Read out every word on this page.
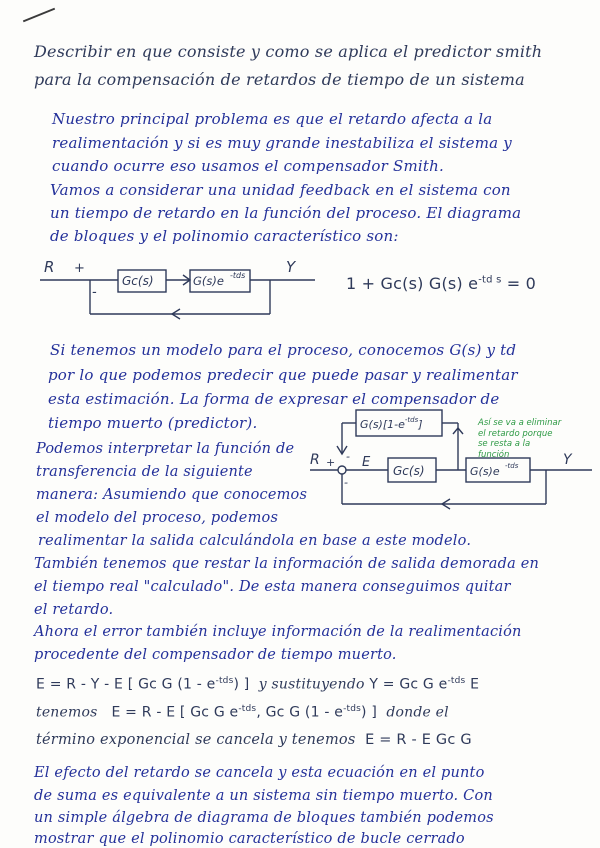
Describir en que consiste y como se aplica el predictor smith
para la compensación de retardos de tiempo de un sistema
Nuestro principal problema es que el retardo afecta a la
realimentación y si es muy grande inestabiliza el sistema y
cuando ocurre eso usamos el compensador Smith.
Vamos a considerar una unidad feedback en el sistema con
un tiempo de retardo en la función del proceso. El diagrama
de bloques y el polinomio característico son:
R +
-
Gc(s)	G(s)e -tds	Y
1 + Gc(s) G(s) $e^{-td s} = 0$
Si tenemos un modelo para el proceso, conocemos G(s) y td
por lo que podemos predecir que puede pasar y realimentar
esta estimación. La forma de expresar el compensador de
tiempo muerto (predictor).
Podemos interpretar la función de
transferencia de la siguiente
manera: Asumiendo que conocemos
el modelo del proceso, podemos
$G(s)[1-e^{-tds}]$
R + -
-
E
Gc(s)	G(s)e -tds	Y
Así se va a eliminar
el retardo porque
se resta a la
función
realimentar la salida calculándola en base a este modelo.
También tenemos que restar la información de salida demorada en
el tiempo real "calculado". De esta manera conseguimos quitar
el retardo.
Ahora el error también incluye información de la realimentación
procedente del compensador de tiempo muerto.
E = R - Y - E [ Gc G $(1 - e^{-tds})$ ] y sustituyendo Y = Gc G $e^{-tds}$ E
tenemos E = R - E [ Gc G $e^{-tds}$, Gc G $(1 - e^{-tds})$ ] donde el
término exponencial se cancela y tenemos E = R - E Gc G
El efecto del retardo se cancela y esta ecuación en el punto
de suma es equivalente a un sistema sin tiempo muerto. Con
un simple álgebra de diagrama de bloques también podemos
mostrar que el polinomio característico de bucle cerrado
